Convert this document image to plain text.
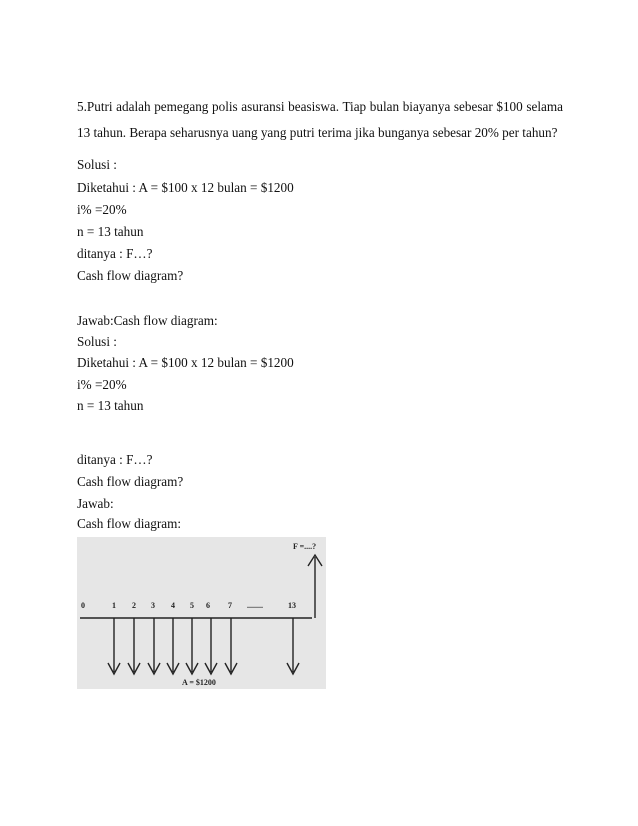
5.Putri adalah pemegang polis asuransi beasiswa. Tiap bulan biayanya sebesar $100 selama 13 tahun. Berapa seharusnya uang yang putri terima jika bunganya sebesar 20% per tahun?
Solusi :
Diketahui : A = $100 x 12 bulan = $1200
i% =20%
n = 13 tahun
ditanya : F…?
Cash flow diagram?
Jawab:Cash flow diagram:
Solusi :
Diketahui : A = $100 x 12 bulan = $1200
i% =20%
n = 13 tahun
ditanya : F…?
Cash flow diagram?
Jawab:
Cash flow diagram:
F =....?
0	1 2 3 4 5 6 7 ........	13
A = $1200
